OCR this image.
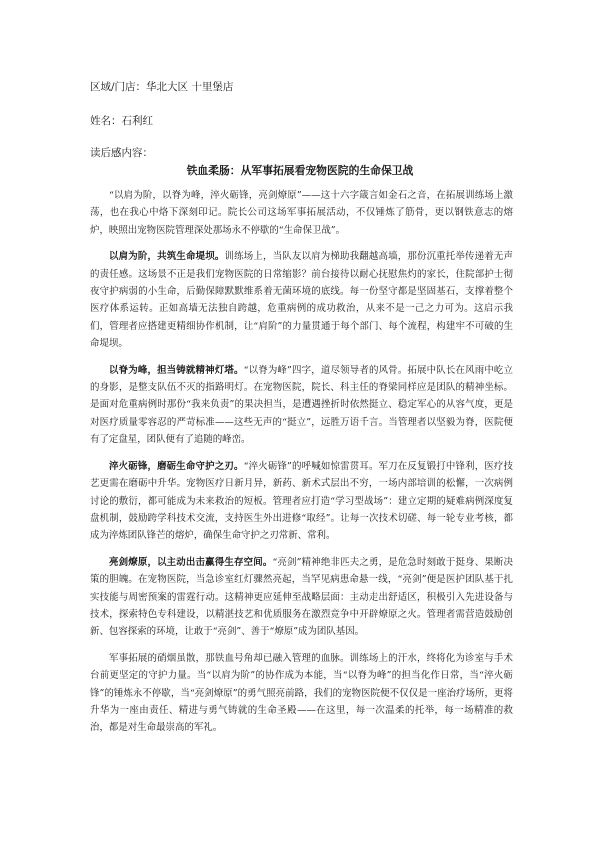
区域/门店：华北大区 十里堡店
姓名：石利红
读后感内容：
铁血柔肠：从军事拓展看宠物医院的生命保卫战

“以肩为阶，以脊为峰，淬火砺锋，亮剑燎原”——这十六字箴言如金石之音，在拓展训练场上激荡，也在我心中烙下深刻印记。院长公司这场军事拓展活动，不仅锤炼了筋骨，更以钢铁意志的熔炉，映照出宠物医院管理深处那场永不停歇的“生命保卫战”。

以肩为阶，共筑生命堤坝。训练场上，当队友以肩为梯助我翻越高墙，那份沉重托举传递着无声的责任感。这场景不正是我们宠物医院的日常缩影？前台接待以耐心抚慰焦灼的家长，住院部护士彻夜守护病弱的小生命，后勤保障默默维系着无菌环境的底线。每一份坚守都是坚固基石，支撑着整个医疗体系运转。正如高墙无法独自跨越，危重病例的成功救治，从来不是一己之力可为。这启示我们，管理者应搭建更精细协作机制，让“肩阶”的力量贯通于每个部门、每个流程，构建牢不可破的生命堤坝。

以脊为峰，担当铸就精神灯塔。“以脊为峰”四字，道尽领导者的风骨。拓展中队长在风雨中屹立的身影，是整支队伍不灭的指路明灯。在宠物医院，院长、科主任的脊梁同样应是团队的精神坐标。是面对危重病例时那份“我来负责”的果决担当，是遭遇挫折时依然挺立、稳定军心的从容气度，更是对医疗质量零容忍的严苛标准——这些无声的“挺立”，远胜万语千言。当管理者以坚毅为脊，医院便有了定盘星，团队便有了追随的峰峦。

淬火砺锋，磨砺生命守护之刃。“淬火砺锋”的呼喊如惊雷贯耳。军刀在反复锻打中锋利，医疗技艺更需在磨砺中升华。宠物医疗日新月异，新药、新术式层出不穷，一场内部培训的松懈，一次病例讨论的敷衍，都可能成为未来救治的短板。管理者应打造“学习型战场”：建立定期的疑难病例深度复盘机制，鼓励跨学科技术交流，支持医生外出进修“取经”。让每一次技术切磋、每一轮专业考核，都成为淬炼团队锋芒的熔炉，确保生命守护之刃常新、常利。

亮剑燎原，以主动出击赢得生存空间。“亮剑”精神绝非匹夫之勇，是危急时刻敢于挺身、果断决策的胆魄。在宠物医院，当急诊室红灯骤然亮起，当罕见病患命悬一线，“亮剑”便是医护团队基于扎实技能与周密预案的雷霆行动。这精神更应延伸至战略层面：主动走出舒适区，积极引入先进设备与技术，探索特色专科建设，以精湛技艺和优质服务在激烈竞争中开辟燎原之火。管理者需营造鼓励创新、包容探索的环境，让敢于“亮剑”、善于“燎原”成为团队基因。

军事拓展的硝烟虽散，那铁血号角却已融入管理的血脉。训练场上的汗水，终将化为诊室与手术台前更坚定的守护力量。当“以肩为阶”的协作成为本能，当“以脊为峰”的担当化作日常，当“淬火砺锋”的锤炼永不停歇，当“亮剑燎原”的勇气照亮前路，我们的宠物医院便不仅仅是一座治疗场所，更将升华为一座由责任、精进与勇气铸就的生命圣殿——在这里，每一次温柔的托举，每一场精准的救治，都是对生命最崇高的军礼。
